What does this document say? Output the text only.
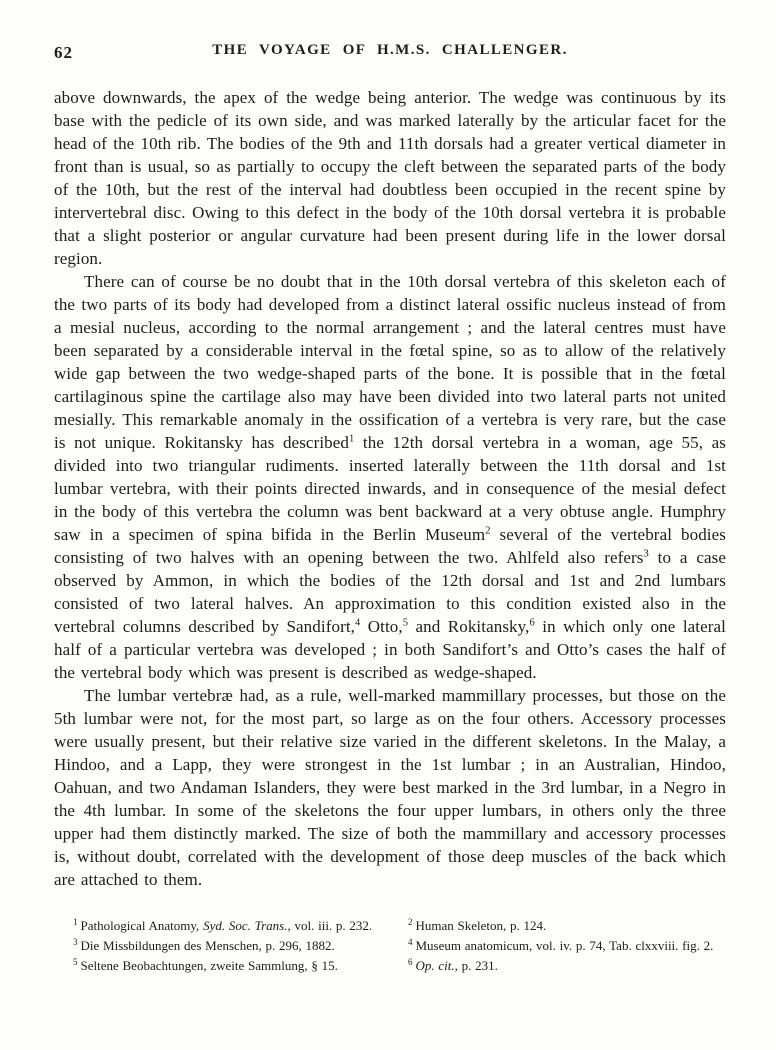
62	THE VOYAGE OF H.M.S. CHALLENGER.

above downwards, the apex of the wedge being anterior. The wedge was continuous by its base with the pedicle of its own side, and was marked laterally by the articular facet for the head of the 10th rib. The bodies of the 9th and 11th dorsals had a greater vertical diameter in front than is usual, so as partially to occupy the cleft between the separated parts of the body of the 10th, but the rest of the interval had doubtless been occupied in the recent spine by intervertebral disc. Owing to this defect in the body of the 10th dorsal vertebra it is probable that a slight posterior or angular curvature had been present during life in the lower dorsal region.

There can of course be no doubt that in the 10th dorsal vertebra of this skeleton each of the two parts of its body had developed from a distinct lateral ossific nucleus instead of from a mesial nucleus, according to the normal arrangement ; and the lateral centres must have been separated by a considerable interval in the fœtal spine, so as to allow of the relatively wide gap between the two wedge-shaped parts of the bone. It is possible that in the fœtal cartilaginous spine the cartilage also may have been divided into two lateral parts not united mesially. This remarkable anomaly in the ossification of a vertebra is very rare, but the case is not unique. Rokitansky has described$^1$ the 12th dorsal vertebra in a woman, age 55, as divided into two triangular rudiments. inserted laterally between the 11th dorsal and 1st lumbar vertebra, with their points directed inwards, and in consequence of the mesial defect in the body of this vertebra the column was bent backward at a very obtuse angle. Humphry saw in a specimen of spina bifida in the Berlin Museum$^2$ several of the vertebral bodies consisting of two halves with an opening between the two. Ahlfeld also refers$^3$ to a case observed by Ammon, in which the bodies of the 12th dorsal and 1st and 2nd lumbars consisted of two lateral halves. An approximation to this condition existed also in the vertebral columns described by Sandifort,$^4$ Otto,$^5$ and Rokitansky,$^6$ in which only one lateral half of a particular vertebra was developed ; in both Sandifort’s and Otto’s cases the half of the vertebral body which was present is described as wedge-shaped.

The lumbar vertebræ had, as a rule, well-marked mammillary processes, but those on the 5th lumbar were not, for the most part, so large as on the four others. Accessory processes were usually present, but their relative size varied in the different skeletons. In the Malay, a Hindoo, and a Lapp, they were strongest in the 1st lumbar ; in an Australian, Hindoo, Oahuan, and two Andaman Islanders, they were best marked in the 3rd lumbar, in a Negro in the 4th lumbar. In some of the skeletons the four upper lumbars, in others only the three upper had them distinctly marked. The size of both the mammillary and accessory processes is, without doubt, correlated with the development of those deep muscles of the back which are attached to them.

$^1$ Pathological Anatomy, Syd. Soc. Trans., vol. iii. p. 232.
$^3$ Die Missbildungen des Menschen, p. 296, 1882.
$^5$ Seltene Beobachtungen, zweite Sammlung, § 15.
$^2$ Human Skeleton, p. 124.
$^4$ Museum anatomicum, vol. iv. p. 74, Tab. clxxviii. fig. 2.
$^6$ Op. cit., p. 231.
